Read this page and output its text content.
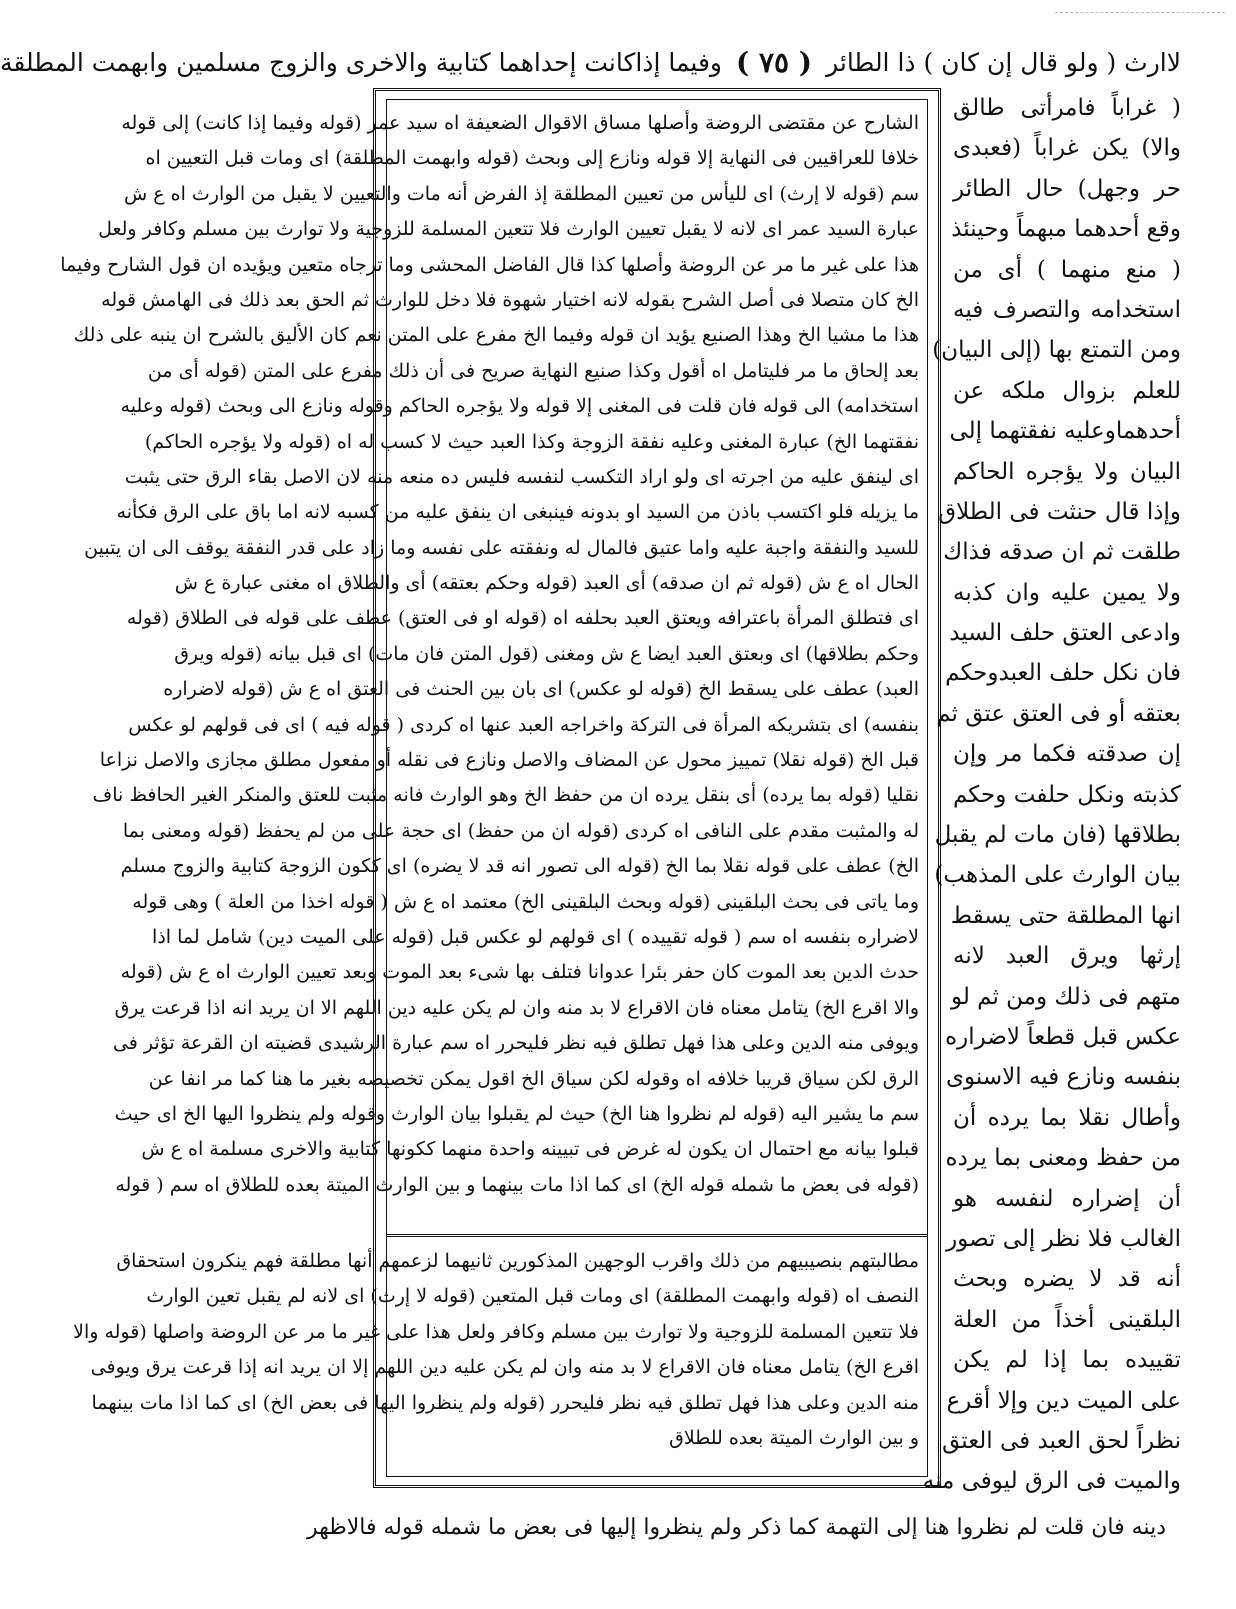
لاارث ( ولو قال إن كان ) ذا الطائر
( ٧٥ )
وفيما إذاكانت إحداهما كتابية والاخرى والزوج مسلمين وابهمت المطلقة
( غراباً فامرأتى طالق
والا) يكن غراباً (فعبدى
حر وجهل) حال الطائر
وقع أحدهما مبهماً وحينئذ
( منع منهما ) أى من
استخدامه والتصرف فيه
ومن التمتع بها (إلى البيان)
للعلم بزوال ملكه عن
أحدهماوعليه نفقتهما إلى
البيان ولا يؤجره الحاكم
وإذا قال حنثت فى الطلاق
طلقت ثم ان صدقه فذاك
ولا يمين عليه وان كذبه
وادعى العتق حلف السيد
فان نكل حلف العبدوحكم
بعتقه أو فى العتق عتق ثم
إن صدقته فكما مر وإن
كذبته ونكل حلفت وحكم
بطلاقها (فان مات لم يقبل
بيان الوارث على المذهب)
انها المطلقة حتى يسقط
إرثها ويرق العبد لانه
متهم فى ذلك ومن ثم لو
عكس قبل قطعاً لاضراره
بنفسه ونازع فيه الاسنوى
وأطال نقلا بما يرده أن
من حفظ ومعنى بما يرده
أن إضراره لنفسه هو
الغالب فلا نظر إلى تصور
أنه قد لا يضره وبحث
البلقينى أخذاً من العلة
تقييده بما إذا لم يكن
على الميت دين وإلا أقرع
نظراً لحق العبد فى العتق
والميت فى الرق ليوفى منه
الشارح عن مقتضى الروضة وأصلها مساق الاقوال الضعيفة اه سيد عمر (قوله وفيما إذا كانت) إلى قوله
خلافا للعراقيين فى النهاية إلا قوله ونازع إلى وبحث (قوله وابهمت المطلقة) اى ومات قبل التعيين اه
سم (قوله لا إرث) اى لليأس من تعيين المطلقة إذ الفرض أنه مات والتعيين لا يقبل من الوارث اه ع ش
عبارة السيد عمر اى لانه لا يقبل تعيين الوارث فلا تتعين المسلمة للزوجية ولا توارث بين مسلم وكافر ولعل
هذا على غير ما مر عن الروضة وأصلها كذا قال الفاضل المحشى وما ترجاه متعين ويؤيده ان قول الشارح وفيما
الخ كان متصلا فى أصل الشرح بقوله لانه اختيار شهوة فلا دخل للوارث ثم الحق بعد ذلك فى الهامش قوله
هذا ما مشيا الخ وهذا الصنيع يؤيد ان قوله وفيما الخ مفرع على المتن نعم كان الأليق بالشرح ان ينبه على ذلك
بعد إلحاق ما مر فليتامل اه أقول وكذا صنيع النهاية صريح فى أن ذلك مفرع على المتن (قوله أى من
استخدامه) الى قوله فان قلت فى المغنى إلا قوله ولا يؤجره الحاكم وقوله ونازع الى وبحث (قوله وعليه
نفقتهما الخ) عبارة المغنى وعليه نفقة الزوجة وكذا العبد حيث لا كسب له اه (قوله ولا يؤجره الحاكم)
اى لينفق عليه من اجرته اى ولو اراد التكسب لنفسه فليس ده منعه منه لان الاصل بقاء الرق حتى يثبت
ما يزيله فلو اكتسب باذن من السيد او بدونه فينبغى ان ينفق عليه من كسبه لانه اما باق على الرق فكأنه
للسيد والنفقة واجبة عليه واما عتيق فالمال له ونفقته على نفسه وما زاد على قدر النفقة يوقف الى ان يتبين
الحال اه ع ش (قوله ثم ان صدقه) أى العبد (قوله وحكم بعتقه) أى والطلاق اه مغنى عبارة ع ش
اى فتطلق المرأة باعترافه ويعتق العبد بحلفه اه (قوله او فى العتق) عطف على قوله فى الطلاق (قوله
وحكم بطلاقها) اى وبعتق العبد ايضا ع ش ومغنى (قول المتن فان مات) اى قبل بيانه (قوله ويرق
العبد) عطف على يسقط الخ (قوله لو عكس) اى بان بين الحنث فى العتق اه ع ش (قوله لاضراره
بنفسه) اى بتشريكه المرأة فى التركة واخراجه العبد عنها اه كردى ( قوله فيه ) اى فى قولهم لو عكس
قبل الخ (قوله نقلا) تمييز محول عن المضاف والاصل ونازع فى نقله أو مفعول مطلق مجازى والاصل نزاعا
نقليا (قوله بما يرده) أى بنقل يرده ان من حفظ الخ وهو الوارث فانه مثبت للعتق والمنكر الغير الحافظ ناف
له والمثبت مقدم على النافى اه كردى (قوله ان من حفظ) اى حجة على من لم يحفظ (قوله ومعنى بما
الخ) عطف على قوله نقلا بما الخ (قوله الى تصور انه قد لا يضره) اى ككون الزوجة كتابية والزوج مسلم
وما ياتى فى بحث البلقينى (قوله وبحث البلقينى الخ) معتمد اه ع ش ( قوله اخذا من العلة ) وهى قوله
لاضراره بنفسه اه سم ( قوله تقييده ) اى قولهم لو عكس قبل (قوله على الميت دين) شامل لما اذا
حدث الدين بعد الموت كان حفر بئرا عدوانا فتلف بها شىء بعد الموت وبعد تعيين الوارث اه ع ش (قوله
والا اقرع الخ) يتامل معناه فان الاقراع لا بد منه وان لم يكن عليه دين اللهم الا ان يريد انه اذا قرعت يرق
ويوفى منه الدين وعلى هذا فهل تطلق فيه نظر فليحرر اه سم عبارة الرشيدى قضيته ان القرعة تؤثر فى
الرق لكن سياق قريبا خلافه اه وقوله لكن سياق الخ اقول يمكن تخصيصه بغير ما هنا كما مر انفا عن
سم ما يشير اليه (قوله لم نظروا هنا الخ) حيث لم يقبلوا بيان الوارث وقوله ولم ينظروا اليها الخ اى حيث
قبلوا بيانه مع احتمال ان يكون له غرض فى تبيينه واحدة منهما ككونها كتابية والاخرى مسلمة اه ع ش
(قوله فى بعض ما شمله قوله الخ) اى كما اذا مات بينهما و بين الوارث الميتة بعده للطلاق اه سم ( قوله
مطالبتهم بنصيبيهم من ذلك واقرب الوجهين المذكورين ثانيهما لزعمهم أنها مطلقة فهم ينكرون استحقاق
النصف اه (قوله وابهمت المطلقة) اى ومات قبل المتعين (قوله لا إرث) اى لانه لم يقبل تعين الوارث
فلا تتعين المسلمة للزوجية ولا توارث بين مسلم وكافر ولعل هذا على غير ما مر عن الروضة واصلها (قوله والا
اقرع الخ) يتامل معناه فان الاقراع لا بد منه وان لم يكن عليه دين اللهم إلا ان يريد انه إذا قرعت يرق ويوفى
منه الدين وعلى هذا فهل تطلق فيه نظر فليحرر (قوله ولم ينظروا اليها فى بعض الخ) اى كما اذا مات بينهما
و بين الوارث الميتة بعده للطلاق
دينه فان قلت لم نظروا هنا إلى التهمة كما ذكر ولم ينظروا إليها فى بعض ما شمله قوله فالاظهر
